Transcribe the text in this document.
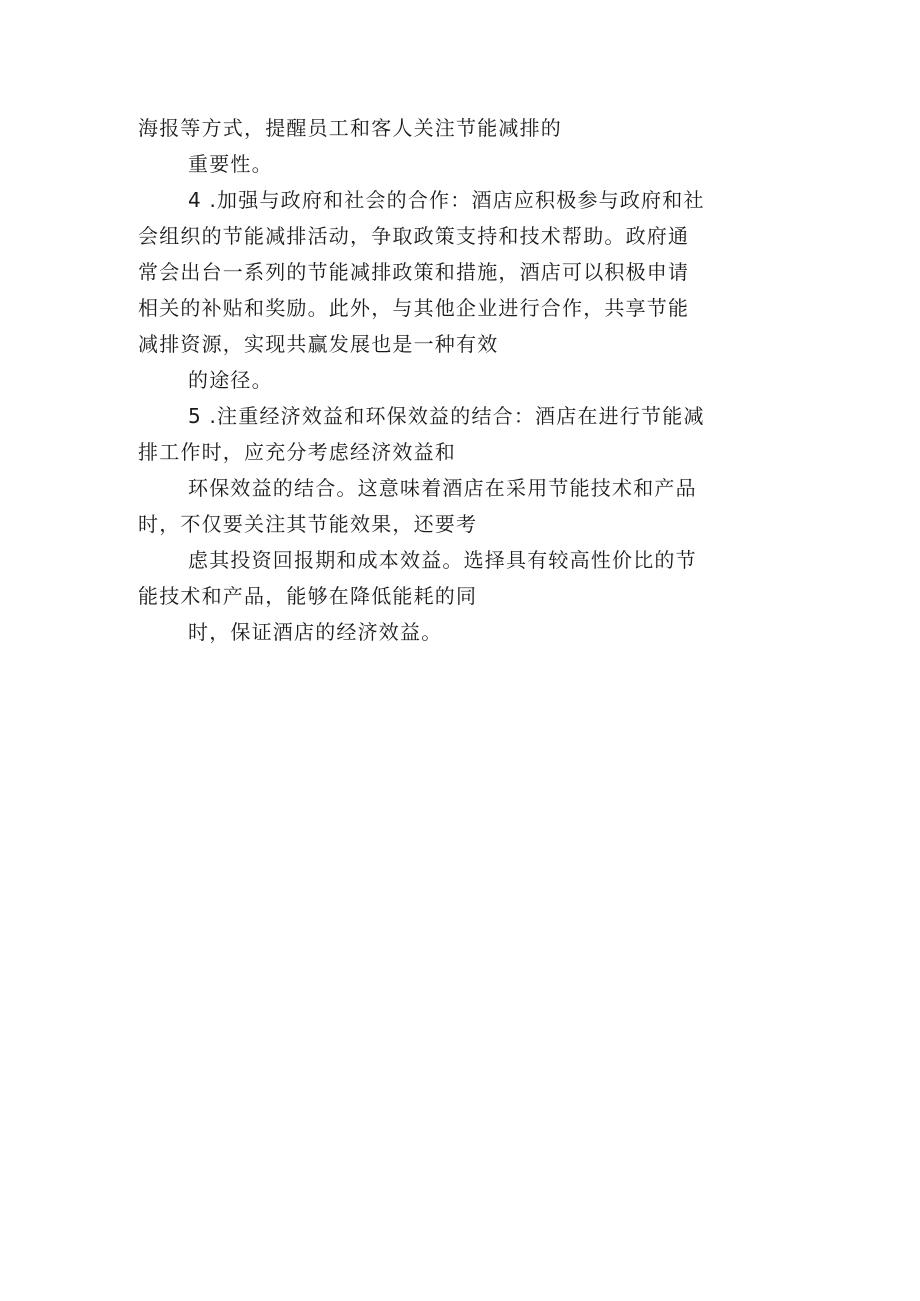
海报等方式，提醒员工和客人关注节能减排的
重要性。
4 .加强与政府和社会的合作：酒店应积极参与政府和社
会组织的节能减排活动，争取政策支持和技术帮助。政府通
常会出台一系列的节能减排政策和措施，酒店可以积极申请
相关的补贴和奖励。此外，与其他企业进行合作，共享节能
减排资源，实现共赢发展也是一种有效
的途径。
5 .注重经济效益和环保效益的结合：酒店在进行节能减
排工作时，应充分考虑经济效益和
环保效益的结合。这意味着酒店在采用节能技术和产品
时，不仅要关注其节能效果，还要考
虑其投资回报期和成本效益。选择具有较高性价比的节
能技术和产品，能够在降低能耗的同
时，保证酒店的经济效益。
